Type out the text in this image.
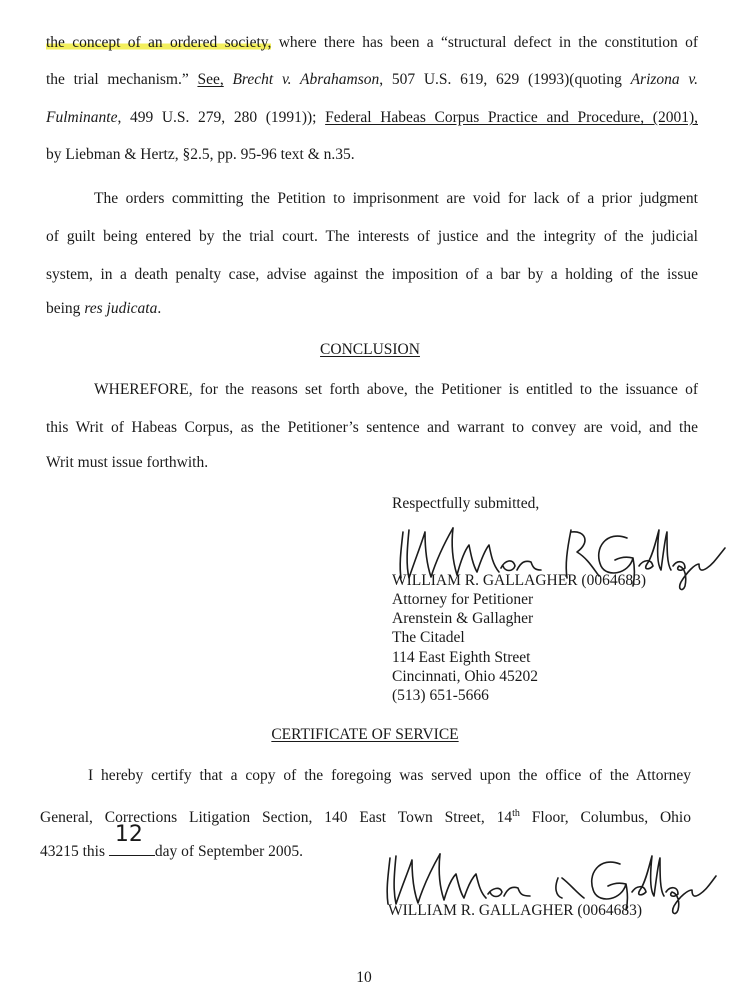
the concept of an ordered society, where there has been a “structural defect in the constitution of
the trial mechanism.” See, Brecht v. Abrahamson, 507 U.S. 619, 629 (1993)(quoting Arizona v.
Fulminante, 499 U.S. 279, 280 (1991)); Federal Habeas Corpus Practice and Procedure, (2001),
by Liebman & Hertz, §2.5, pp. 95-96 text & n.35.
The orders committing the Petition to imprisonment are void for lack of a prior judgment
of guilt being entered by the trial court. The interests of justice and the integrity of the judicial
system, in a death penalty case, advise against the imposition of a bar by a holding of the issue
being res judicata.
CONCLUSION
WHEREFORE, for the reasons set forth above, the Petitioner is entitled to the issuance of
this Writ of Habeas Corpus, as the Petitioner’s sentence and warrant to convey are void, and the
Writ must issue forthwith.
Respectfully submitted,
WILLIAM R. GALLAGHER (0064683)
Attorney for Petitioner
Arenstein & Gallagher
The Citadel
114 East Eighth Street
Cincinnati, Ohio 45202
(513) 651-5666
CERTIFICATE OF SERVICE
I hereby certify that a copy of the foregoing was served upon the office of the Attorney
General, Corrections Litigation Section, 140 East Town Street, 14th Floor, Columbus, Ohio
43215 this
12
day of September 2005.
WILLIAM R. GALLAGHER (0064683)
10
